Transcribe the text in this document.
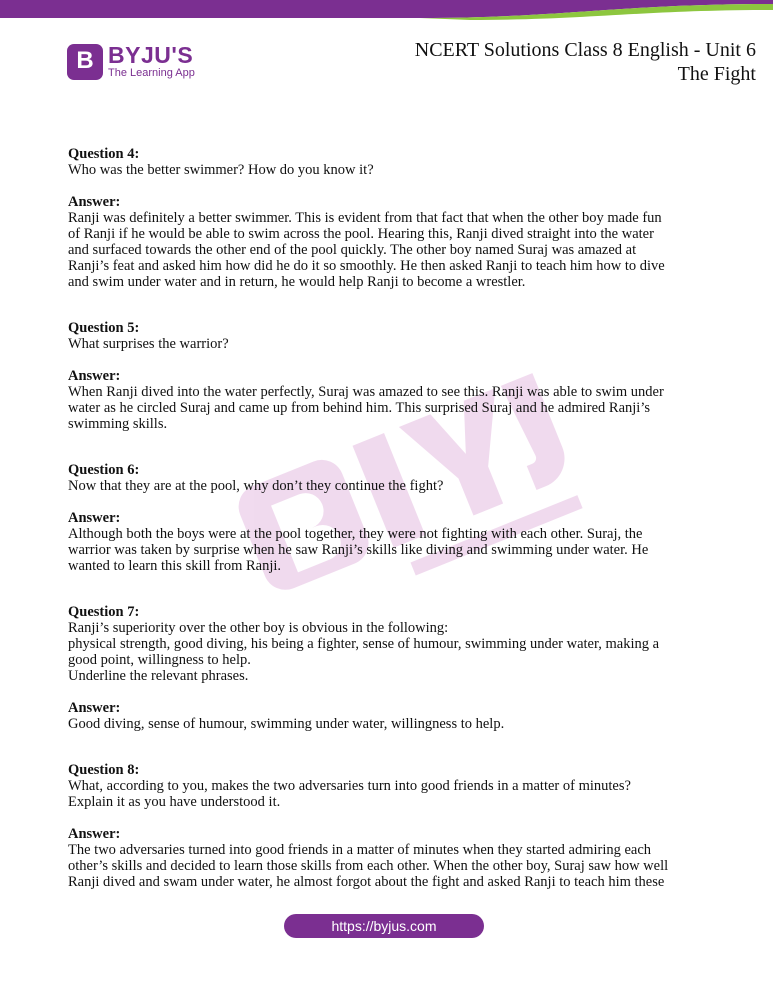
B
BYJU'S
The Learning App
NCERT Solutions Class 8 English - Unit 6
The Fight
Question 4:
Who was the better swimmer? How do you know it?
Answer:
Ranji was definitely a better swimmer. This is evident from that fact that when the other boy made fun
of Ranji if he would be able to swim across the pool. Hearing this, Ranji dived straight into the water
and surfaced towards the other end of the pool quickly. The other boy named Suraj was amazed at
Ranji’s feat and asked him how did he do it so smoothly. He then asked Ranji to teach him how to dive
and swim under water and in return, he would help Ranji to become a wrestler.
Question 5:
What surprises the warrior?
Answer:
When Ranji dived into the water perfectly, Suraj was amazed to see this. Ranji was able to swim under
water as he circled Suraj and came up from behind him. This surprised Suraj and he admired Ranji’s
swimming skills.
Question 6:
Now that they are at the pool, why don’t they continue the fight?
Answer:
Although both the boys were at the pool together, they were not fighting with each other. Suraj, the
warrior was taken by surprise when he saw Ranji’s skills like diving and swimming under water. He
wanted to learn this skill from Ranji.
Question 7:
Ranji’s superiority over the other boy is obvious in the following:
physical strength, good diving, his being a fighter, sense of humour, swimming under water, making a
good point, willingness to help.
Underline the relevant phrases.
Answer:
Good diving, sense of humour, swimming under water, willingness to help.
Question 8:
What, according to you, makes the two adversaries turn into good friends in a matter of minutes?
Explain it as you have understood it.
Answer:
The two adversaries turned into good friends in a matter of minutes when they started admiring each
other’s skills and decided to learn those skills from each other. When the other boy, Suraj saw how well
Ranji dived and swam under water, he almost forgot about the fight and asked Ranji to teach him these
https://byjus.com
